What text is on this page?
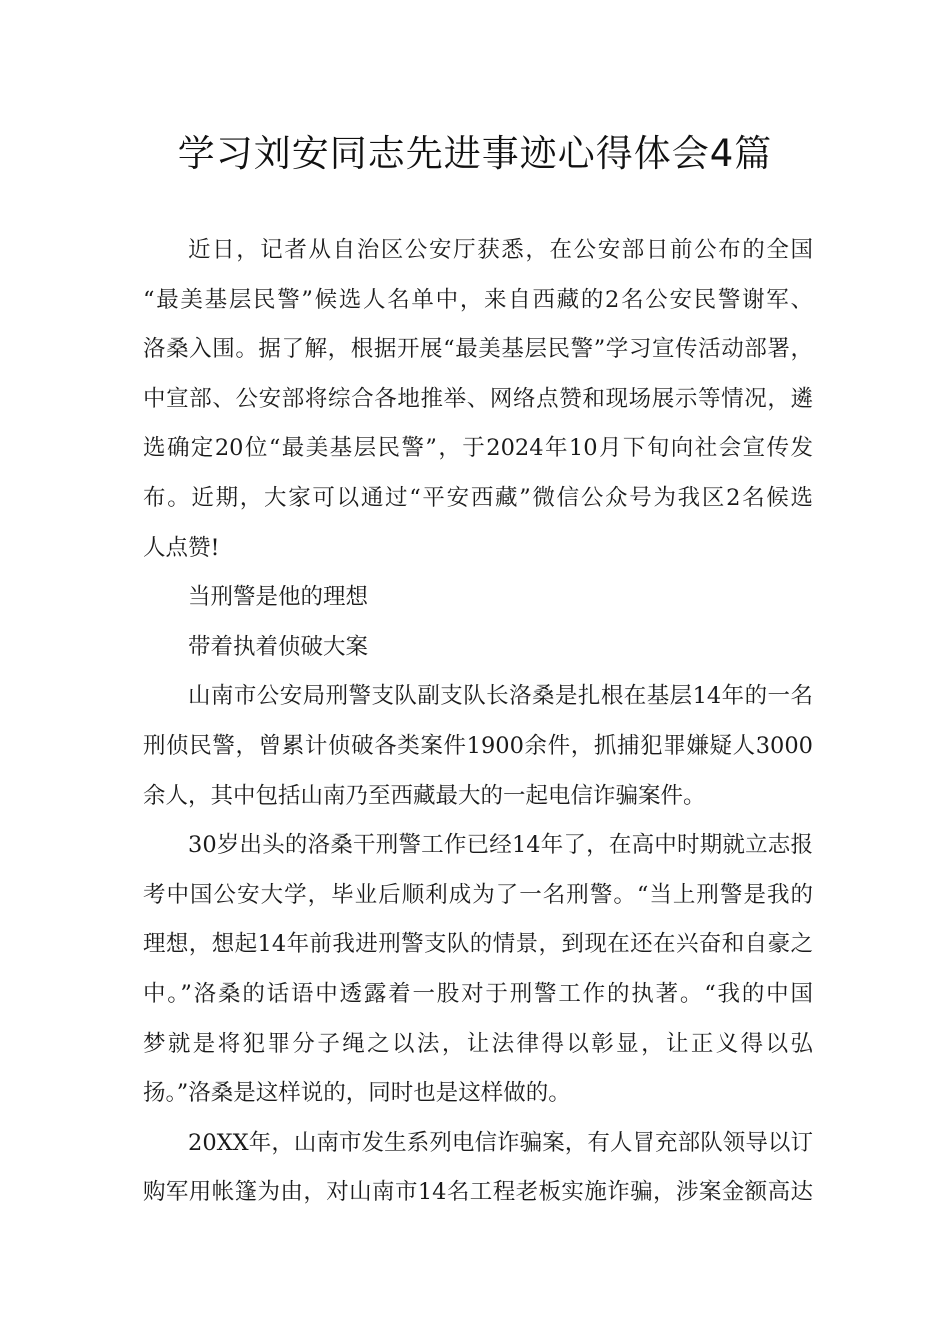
学习刘安同志先进事迹心得体会4篇
近日，记者从自治区公安厅获悉，在公安部日前公布的全国
“最美基层民警”候选人名单中，来自西藏的2名公安民警谢军、
洛桑入围。据了解，根据开展“最美基层民警”学习宣传活动部署，
中宣部、公安部将综合各地推举、网络点赞和现场展示等情况，遴
选确定20位“最美基层民警”，于2024年10月下旬向社会宣传发
布。近期，大家可以通过“平安西藏”微信公众号为我区2名候选
人点赞!
当刑警是他的理想
带着执着侦破大案
山南市公安局刑警支队副支队长洛桑是扎根在基层14年的一名
刑侦民警，曾累计侦破各类案件1900余件，抓捕犯罪嫌疑人3000
余人，其中包括山南乃至西藏最大的一起电信诈骗案件。
30岁出头的洛桑干刑警工作已经14年了，在高中时期就立志报
考中国公安大学，毕业后顺利成为了一名刑警。“当上刑警是我的
理想，想起14年前我进刑警支队的情景，到现在还在兴奋和自豪之
中。”洛桑的话语中透露着一股对于刑警工作的执著。“我的中国
梦就是将犯罪分子绳之以法，让法律得以彰显，让正义得以弘
扬。”洛桑是这样说的，同时也是这样做的。
20XX年，山南市发生系列电信诈骗案，有人冒充部队领导以订
购军用帐篷为由，对山南市14名工程老板实施诈骗，涉案金额高达
